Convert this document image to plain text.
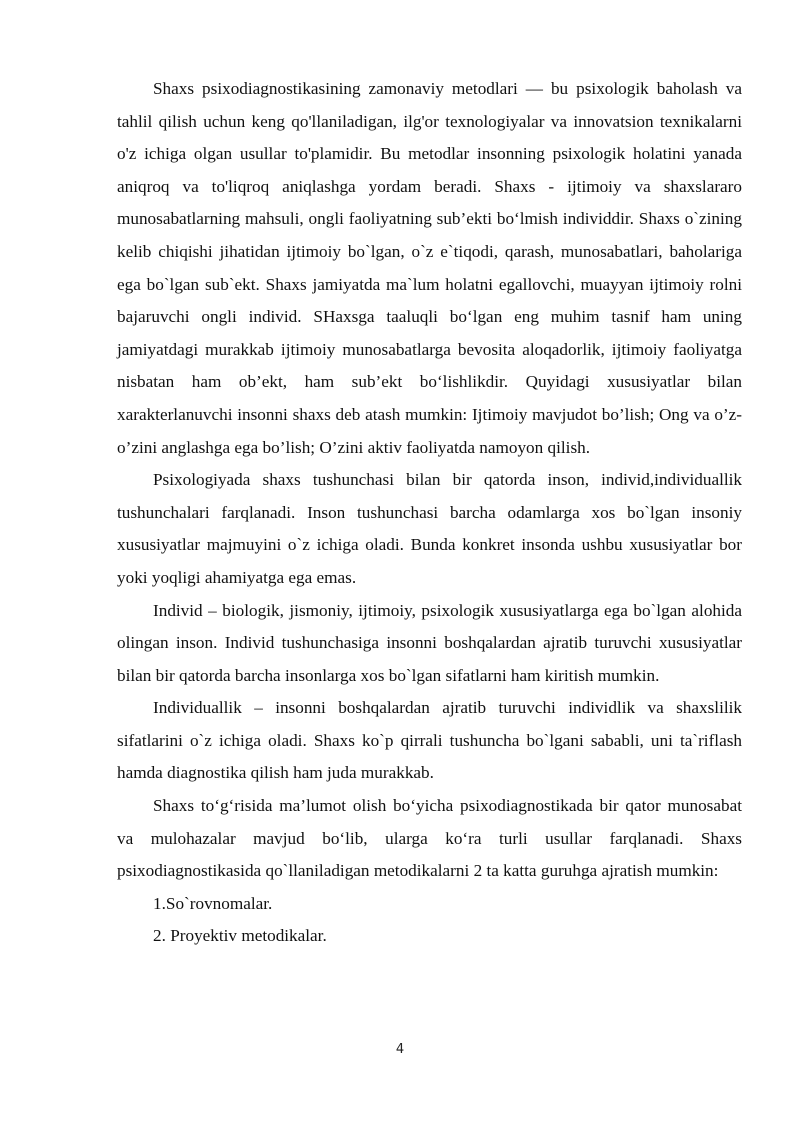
Shaxs psixodiagnostikasining zamonaviy metodlari — bu psixologik baholash va tahlil qilish uchun keng qo'llaniladigan, ilg'or texnologiyalar va innovatsion texnikalarni o'z ichiga olgan usullar to'plamidir. Bu metodlar insonning psixologik holatini yanada aniqroq va to'liqroq aniqlashga yordam beradi. Shaxs - ijtimoiy va shaxslararo munosabatlarning mahsuli, ongli faoliyatning sub’ekti bo‘lmish individdir. Shaxs o`zining kelib chiqishi jihatidan ijtimoiy bo`lgan, o`z e`tiqodi, qarash, munosabatlari, baholariga ega bo`lgan sub`ekt. Shaxs jamiyatda ma`lum holatni egallovchi, muayyan ijtimoiy rolni bajaruvchi ongli individ. SHaxsga taaluqli bo‘lgan eng muhim tasnif ham uning jamiyatdagi murakkab ijtimoiy munosabatlarga bevosita aloqadorlik, ijtimoiy faoliyatga nisbatan ham ob’ekt, ham sub’ekt bo‘lishlikdir. Quyidagi xususiyatlar bilan xarakterlanuvchi insonni shaxs deb atash mumkin: Ijtimoiy mavjudot bo’lish; Ong va o’z-o’zini anglashga ega bo’lish; O’zini aktiv faoliyatda namoyon qilish.

Psixologiyada shaxs tushunchasi bilan bir qatorda inson, individ,individuallik tushunchalari farqlanadi. Inson tushunchasi barcha odamlarga xos bo`lgan insoniy xususiyatlar majmuyini o`z ichiga oladi. Bunda konkret insonda ushbu xususiyatlar bor yoki yoqligi ahamiyatga ega emas.

Individ – biologik, jismoniy, ijtimoiy, psixologik xususiyatlarga ega bo`lgan alohida olingan inson. Individ tushunchasiga insonni boshqalardan ajratib turuvchi xususiyatlar bilan bir qatorda barcha insonlarga xos bo`lgan sifatlarni ham kiritish mumkin.

Individuallik – insonni boshqalardan ajratib turuvchi individlik va shaxslilik sifatlarini o`z ichiga oladi. Shaxs ko`p qirrali tushuncha bo`lgani sababli, uni ta`riflash hamda diagnostika qilish ham juda murakkab.

Shaxs to‘g‘risida ma’lumot olish bo‘yicha psixodiagnostikada bir qator munosabat va mulohazalar mavjud bo‘lib, ularga ko‘ra turli usullar farqlanadi. Shaxs psixodiagnostikasida qo`llaniladigan metodikalarni 2 ta katta guruhga ajratish mumkin:

1.So`rovnomalar.

2. Proyektiv metodikalar.

4
